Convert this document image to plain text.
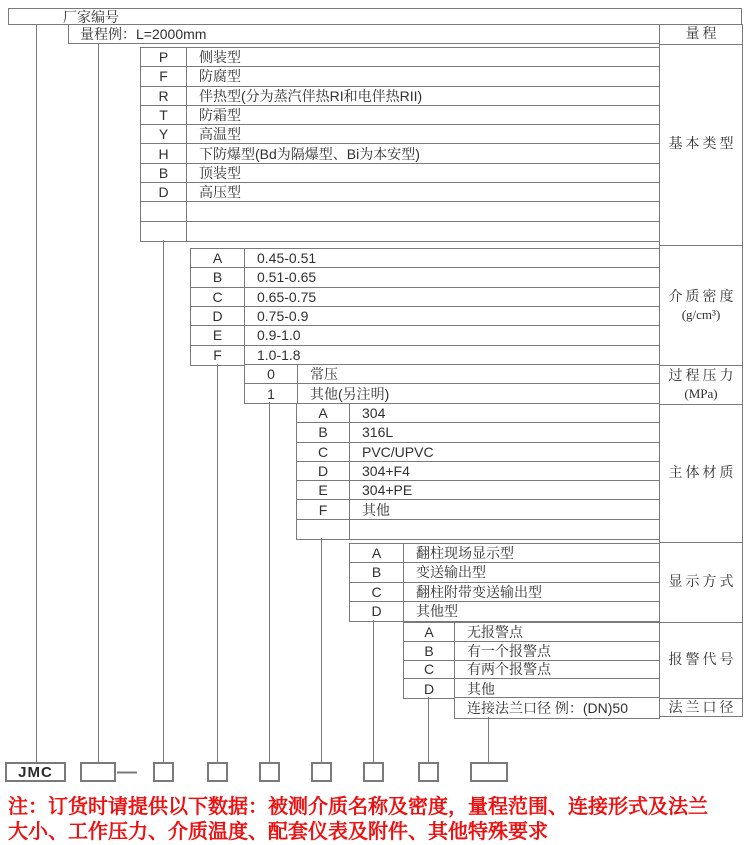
厂家编号
量程例：L=2000mm
P	侧装型
F	防腐型
R	伴热型(分为蒸汽伴热RI和电伴热RII)
T	防霜型
Y	高温型
H	下防爆型(Bd为隔爆型、Bi为本安型)
B	顶装型
D	高压型
A	0.45-0.51
B	0.51-0.65
C	0.65-0.75
D	0.75-0.9
E	0.9-1.0
F	1.0-1.8
0	常压
1	其他(另注明)
A	304
B	316L
C	PVC/UPVC
D	304+F4
E	304+PE
F	其他
A	翻柱现场显示型
B	变送输出型
C	翻柱附带变送输出型
D	其他型
A	无报警点
B	有一个报警点
C	有两个报警点
D	其他
连接法兰口径 例：(DN)50
量程
基本类型
介质密度
(g/cm³)
过程压力
(MPa)
主体材质
显示方式
报警代号
法兰口径
JMC	—
注：订货时请提供以下数据：被测介质名称及密度，量程范围、连接形式及法兰
大小、工作压力、介质温度、配套仪表及附件、其他特殊要求
